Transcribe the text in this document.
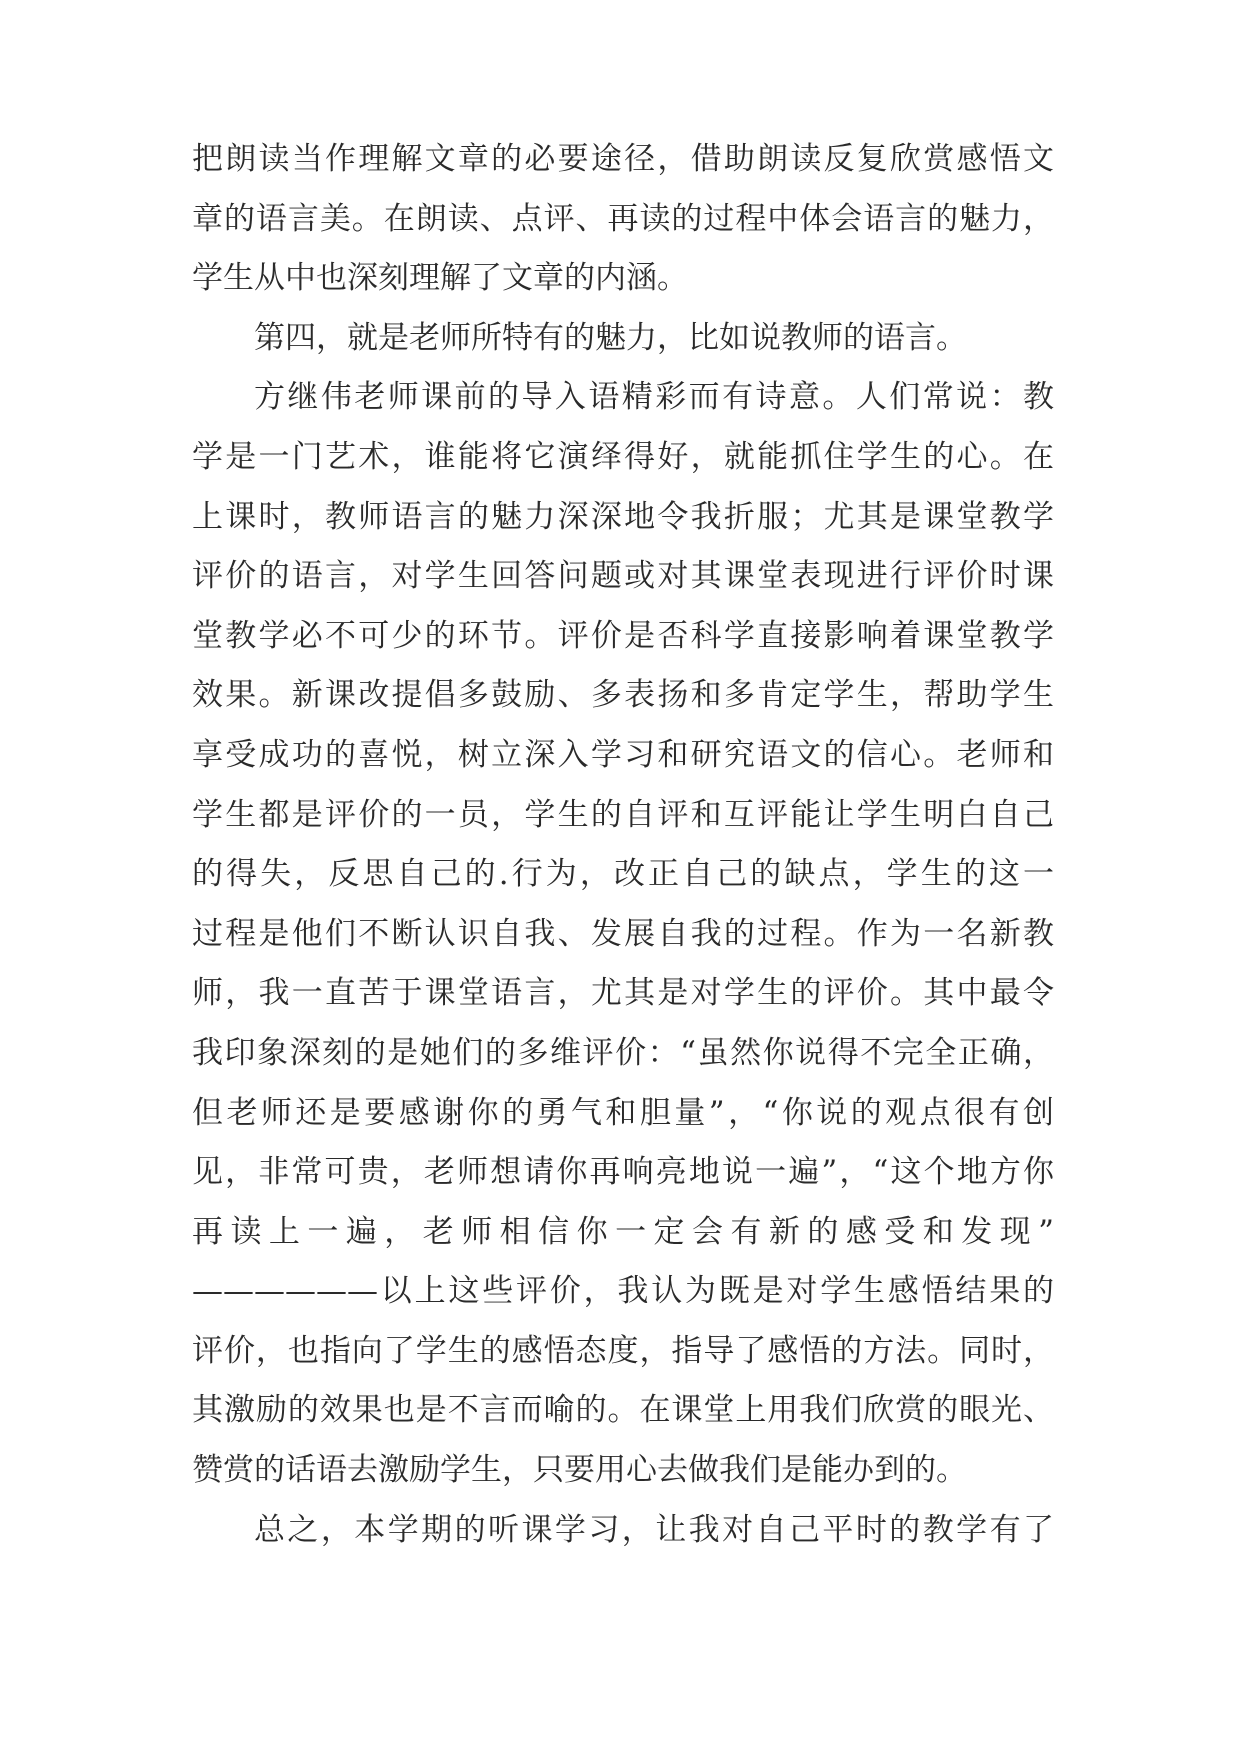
把朗读当作理解文章的必要途径，借助朗读反复欣赏感悟文
章的语言美。在朗读、点评、再读的过程中体会语言的魅力，
学生从中也深刻理解了文章的内涵。
第四，就是老师所特有的魅力，比如说教师的语言。
方继伟老师课前的导入语精彩而有诗意。人们常说：教
学是一门艺术，谁能将它演绎得好，就能抓住学生的心。在
上课时，教师语言的魅力深深地令我折服；尤其是课堂教学
评价的语言，对学生回答问题或对其课堂表现进行评价时课
堂教学必不可少的环节。评价是否科学直接影响着课堂教学
效果。新课改提倡多鼓励、多表扬和多肯定学生，帮助学生
享受成功的喜悦，树立深入学习和研究语文的信心。老师和
学生都是评价的一员，学生的自评和互评能让学生明白自己
的得失，反思自己的.行为，改正自己的缺点，学生的这一
过程是他们不断认识自我、发展自我的过程。作为一名新教
师，我一直苦于课堂语言，尤其是对学生的评价。其中最令
我印象深刻的是她们的多维评价：“虽然你说得不完全正确，
但老师还是要感谢你的勇气和胆量”，“你说的观点很有创
见，非常可贵，老师想请你再响亮地说一遍”，“这个地方你
再读上一遍，老师相信你一定会有新的感受和发现”
——————以上这些评价，我认为既是对学生感悟结果的
评价，也指向了学生的感悟态度，指导了感悟的方法。同时，
其激励的效果也是不言而喻的。在课堂上用我们欣赏的眼光、
赞赏的话语去激励学生，只要用心去做我们是能办到的。
总之，本学期的听课学习，让我对自己平时的教学有了
